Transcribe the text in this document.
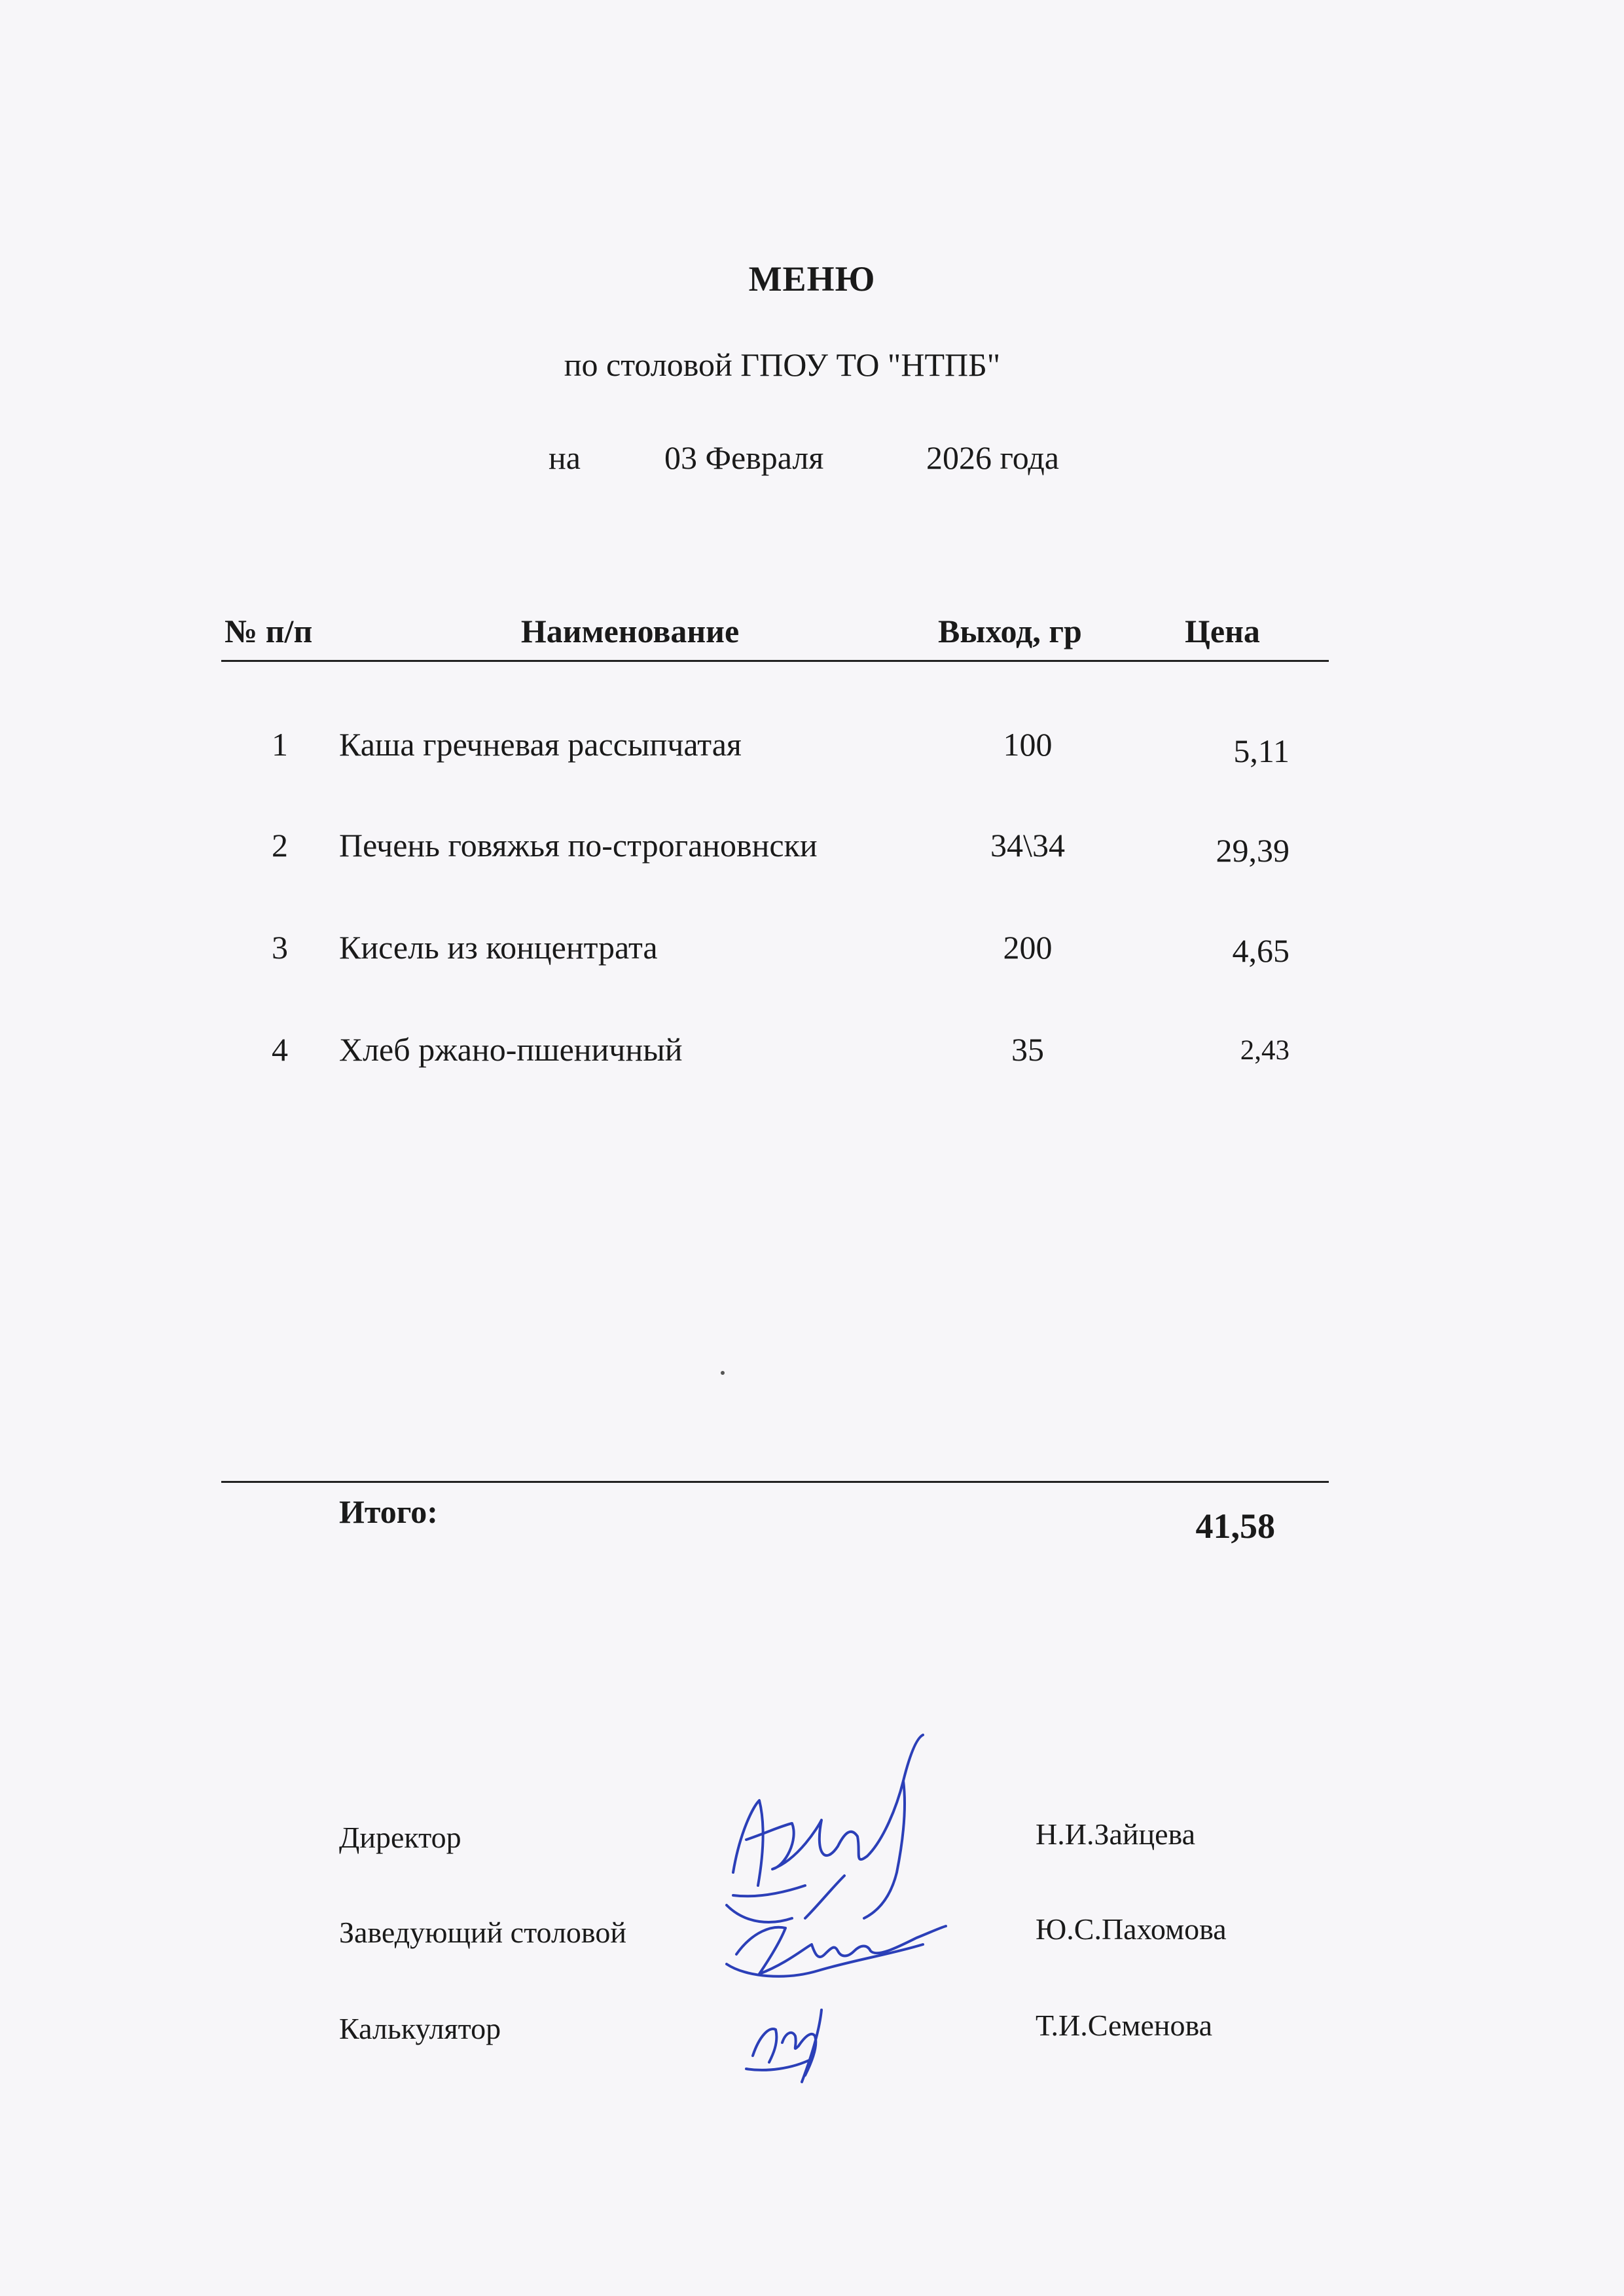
МЕНЮ
по столовой ГПОУ ТО "НТПБ"
на	03 Февраля	2026 года
№ п/п	Наименование	Выход, гр	Цена
1 Каша гречневая рассыпчатая	100	5,11
2 Печень говяжья по-строгановнски	34\34	29,39
3 Кисель из концентрата	200	4,65
4 Хлеб ржано-пшеничный	35	2,43
Итого:	41,58
Директор	Н.И.Зайцева
Заведующий столовой	Ю.С.Пахомова
Калькулятор	Т.И.Семенова
